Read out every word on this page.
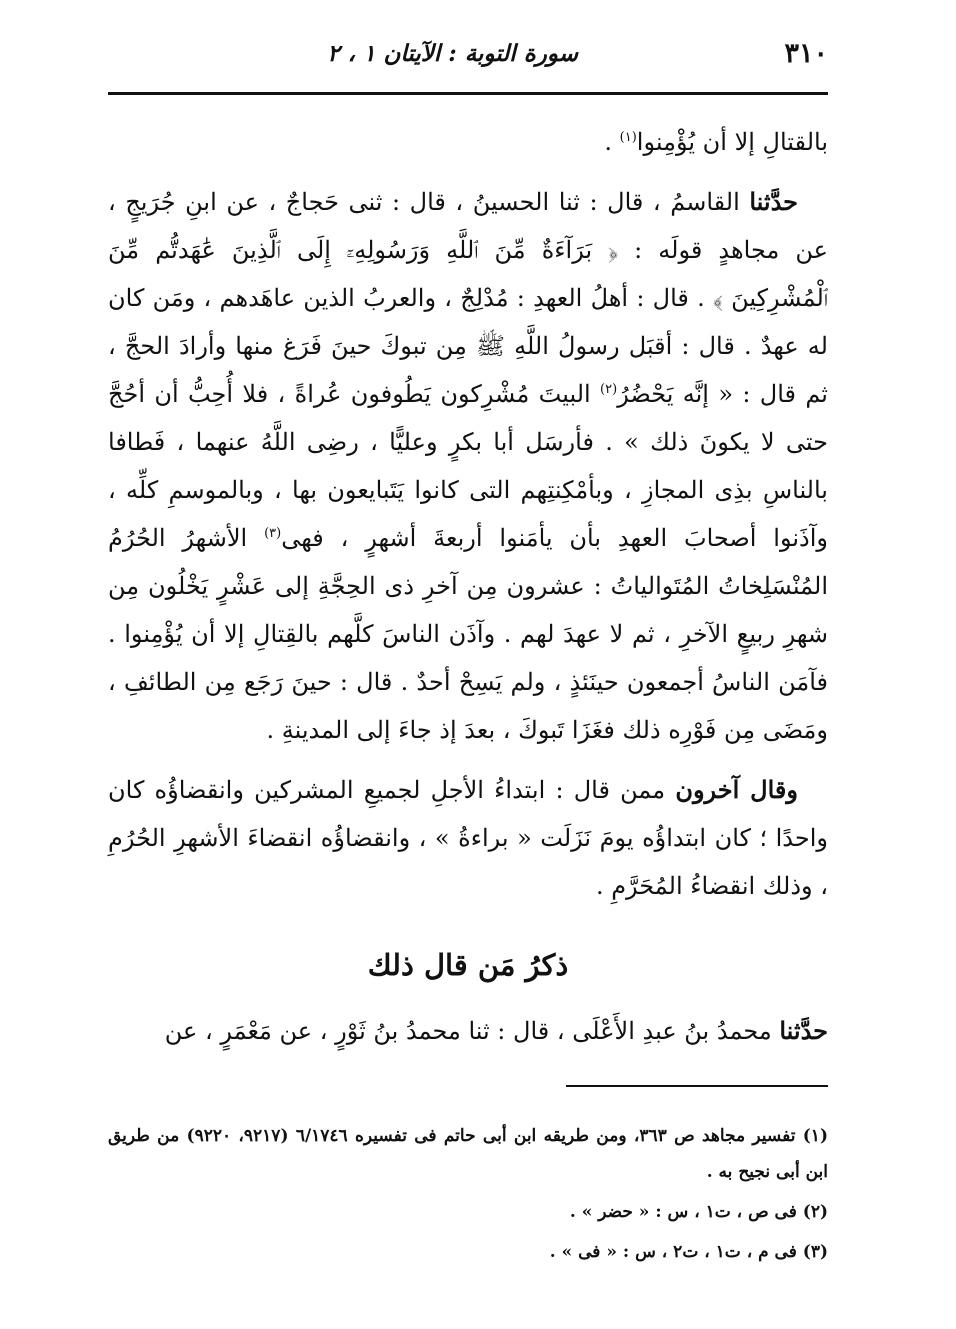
٣١٠
سورة التوبة : الآيتان ١ ، ٢

بالقتالِ إلا أن يُؤْمِنوا$^{(١)}$ .

حدَّثنا القاسمُ ، قال : ثنا الحسينُ ، قال : ثنى حَجاجٌ ، عن ابنِ جُرَيجٍ ، عن مجاهدٍ قولَه : ﴿ بَرَآءَةٌ مِّنَ ٱللَّهِ وَرَسُولِهِۦٓ إِلَى ٱلَّذِينَ عَٰهَدتُّم مِّنَ ٱلْمُشْرِكِينَ ﴾ . قال : أهلُ العهدِ : مُدْلِجٌ ، والعربُ الذين عاهَدهم ، ومَن كان له عهدٌ . قال : أقبَل رسولُ اللَّهِ ﷺ مِن تبوكَ حينَ فَرَغ منها وأرادَ الحجَّ ، ثم قال : « إنَّه يَحْضُرُ$^{(٢)}$ البيتَ مُشْرِكون يَطُوفون عُراةً ، فلا أُحِبُّ أن أحُجَّ حتى لا يكونَ ذلك » . فأرسَل أبا بكرٍ وعليًّا ، رضِى اللَّهُ عنهما ، فَطافا بالناسِ بذِى المجازِ ، وبأمْكِنتِهم التى كانوا يَتَبايعون بها ، وبالموسمِ كلِّه ، وآذَنوا أصحابَ العهدِ بأن يأمَنوا أربعةَ أشهرٍ ، فهى$^{(٣)}$ الأشهرُ الحُرُمُ المُنْسَلِخاتُ المُتَوالياتُ : عشرون مِن آخرِ ذى الحِجَّةِ إلى عَشْرٍ يَخْلُون مِن شهرِ ربيعٍ الآخرِ ، ثم لا عهدَ لهم . وآذَن الناسَ كلَّهم بالقِتالِ إلا أن يُؤْمِنوا . فآمَن الناسُ أجمعون حينَئذٍ ، ولم يَسِحْ أحدٌ . قال : حينَ رَجَع مِن الطائفِ ، ومَضَى مِن فَوْرِه ذلك فغَزَا تَبوكَ ، بعدَ إذ جاءَ إلى المدينةِ .

وقال آخرون ممن قال : ابتداءُ الأجلِ لجميعِ المشركين وانقضاؤُه كان واحدًا ؛ كان ابتداؤُه يومَ نَزَلَت « براءةُ » ، وانقضاؤُه انقضاءَ الأشهرِ الحُرُمِ ، وذلك انقضاءُ المُحَرَّمِ .

ذكرُ مَن قال ذلك
حدَّثنا محمدُ بنُ عبدِ الأَعْلَى ، قال : ثنا محمدُ بنُ ثَوْرٍ ، عن مَعْمَرٍ ، عن
(١) تفسير مجاهد ص ٣٦٣، ومن طريقه ابن أبى حاتم فى تفسيره ٦/١٧٤٦ (٩٢١٧، ٩٢٢٠) من طريق ابن أبى نجيح به .
(٢) فى ص ، ت١ ، س : « حضر » .
(٣) فى م ، ت١ ، ت٢ ، س : « فى » .
